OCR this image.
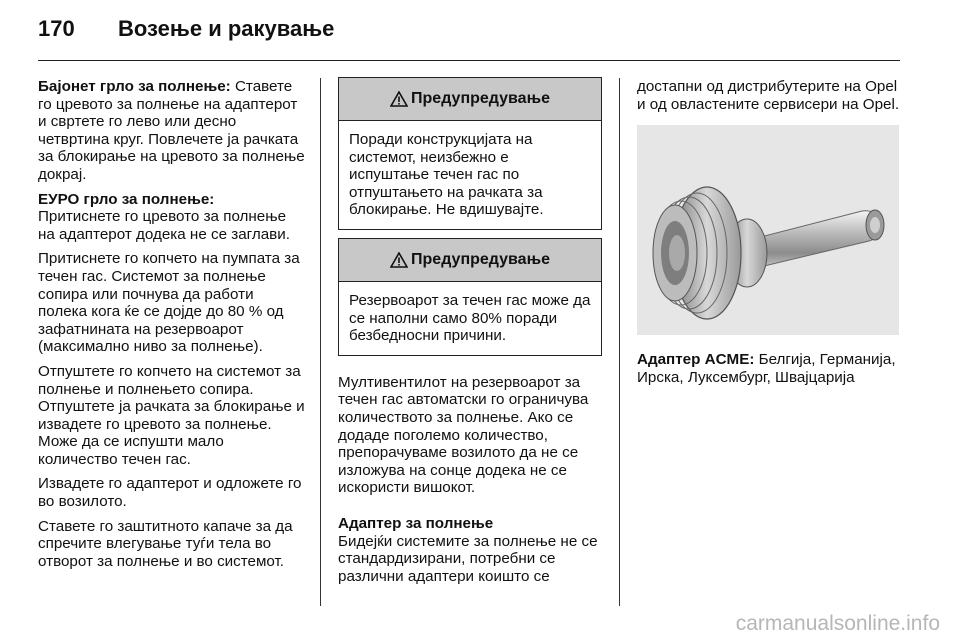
170 Возење и ракување

Бајонет грло за полнење: Ставете го цревото за полнење на адаптерот и свртете го лево или десно четвртина круг. Повлечете ја рачката за блокирање на цревото за полнење докрај.

ЕУРО грло за полнење:

Притиснете го цревото за полнење на адаптерот додека не се заглави.

Притиснете го копчето на пумпата за течен гас. Системот за полнење сопира или почнува да работи полека кога ќе се дојде до 80 % од зафатнината на резервоарот (максимално ниво за полнење).

Отпуштете го копчето на системот за полнење и полнењето сопира. Отпуштете ја рачката за блокирање и извадете го цревото за полнење. Може да се испушти мало количество течен гас.

Извадете го адаптерот и одложете го во возилото.

Ставете го заштитното капаче за да спречите влегување туѓи тела во отворот за полнење и во системот.

Предупредување
Поради конструкцијата на системот, неизбежно е испуштање течен гас по отпуштањето на рачката за блокирање. Не вдишувајте.
Предупредување
Резервоарот за течен гас може да се наполни само 80% поради безбедносни причини.

Мултивентилот на резервоарот за течен гас автоматски го ограничува количеството за полнење. Ако се додаде поголемо количество, препорачуваме возилото да не се изложува на сонце додека не се искористи вишокот.

Адаптер за полнење

Бидејќи системите за полнење не се стандардизирани, потребни се различни адаптери коишто се

достапни од дистрибутерите на Opel и од овластените сервисери на Opel.

Адаптер ACME: Белгија, Германија, Ирска, Луксембург, Швајцарија

carmanualsonline.info
